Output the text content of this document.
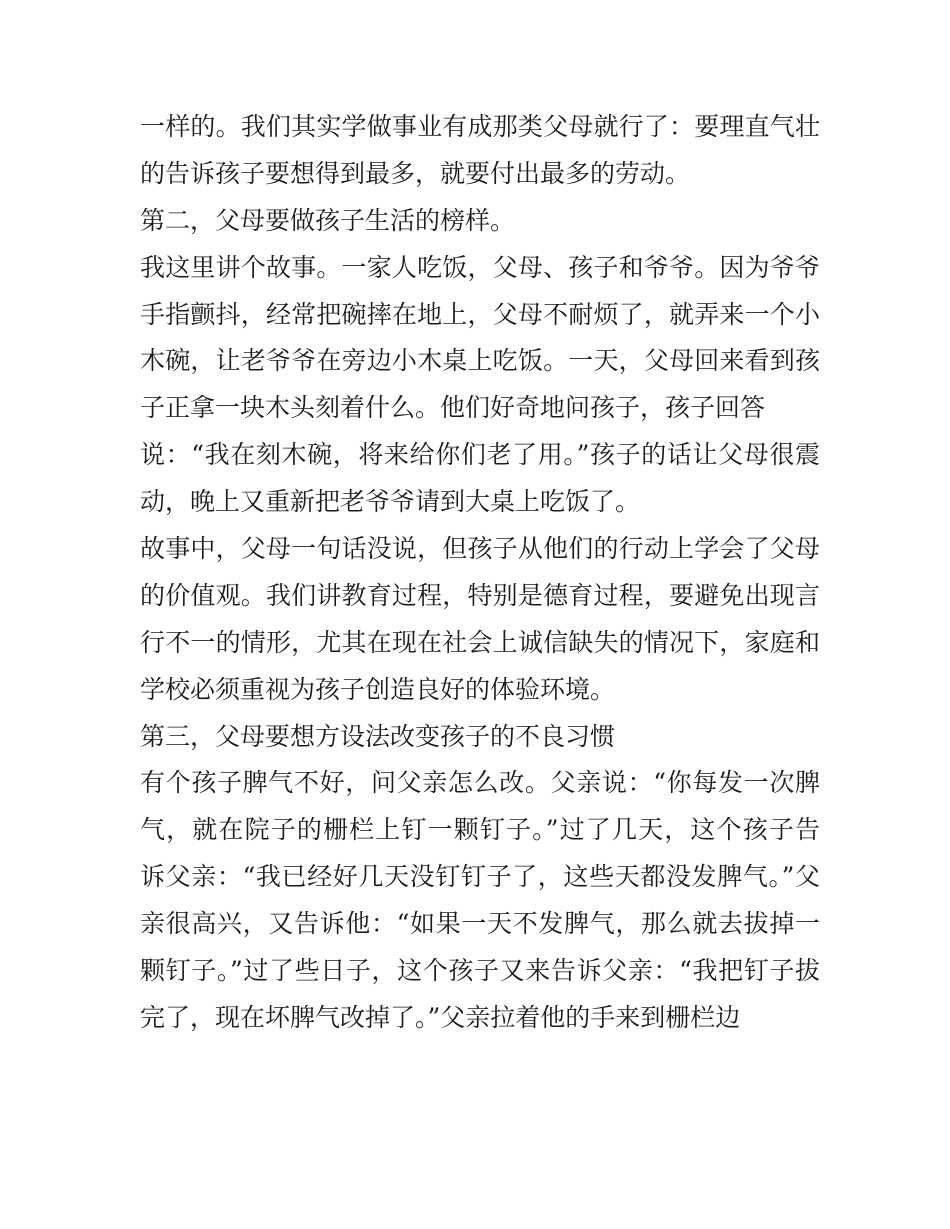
一样的。我们其实学做事业有成那类父母就行了：要理直气壮
的告诉孩子要想得到最多，就要付出最多的劳动。
第二，父母要做孩子生活的榜样。
我这里讲个故事。一家人吃饭，父母、孩子和爷爷。因为爷爷
手指颤抖，经常把碗摔在地上，父母不耐烦了，就弄来一个小
木碗，让老爷爷在旁边小木桌上吃饭。一天，父母回来看到孩
子正拿一块木头刻着什么。他们好奇地问孩子，孩子回答
说：“我在刻木碗，将来给你们老了用。”孩子的话让父母很震
动，晚上又重新把老爷爷请到大桌上吃饭了。
故事中，父母一句话没说，但孩子从他们的行动上学会了父母
的价值观。我们讲教育过程，特别是德育过程，要避免出现言
行不一的情形，尤其在现在社会上诚信缺失的情况下，家庭和
学校必须重视为孩子创造良好的体验环境。
第三，父母要想方设法改变孩子的不良习惯
有个孩子脾气不好，问父亲怎么改。父亲说：“你每发一次脾
气，就在院子的栅栏上钉一颗钉子。”过了几天，这个孩子告
诉父亲：“我已经好几天没钉钉子了，这些天都没发脾气。”父
亲很高兴，又告诉他：“如果一天不发脾气，那么就去拔掉一
颗钉子。”过了些日子，这个孩子又来告诉父亲：“我把钉子拔
完了，现在坏脾气改掉了。”父亲拉着他的手来到栅栏边
